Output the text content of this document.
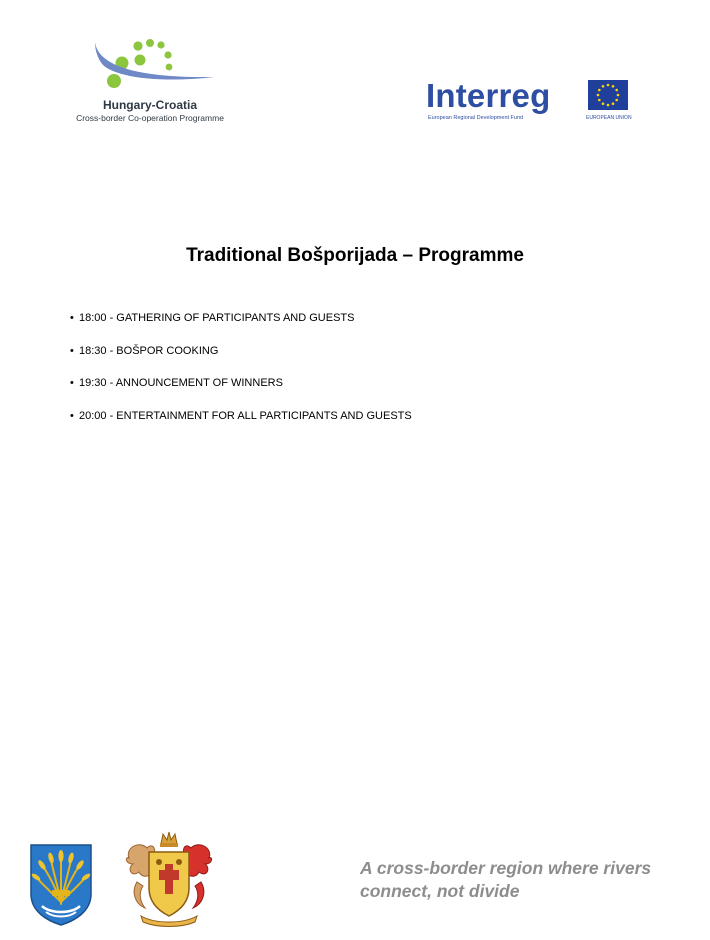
Hungary-Croatia
Cross-border Co-operation Programme
Interreg
European Regional Development Fund	EUROPEAN UNION
Traditional Bošporijada – Programme
• 18:00 - GATHERING OF PARTICIPANTS AND GUESTS
• 18:30 - BOŠPOR COOKING
• 19:30 - ANNOUNCEMENT OF WINNERS
• 20:00 - ENTERTAINMENT FOR ALL PARTICIPANTS AND GUESTS
A cross-border region where rivers
connect, not divide
